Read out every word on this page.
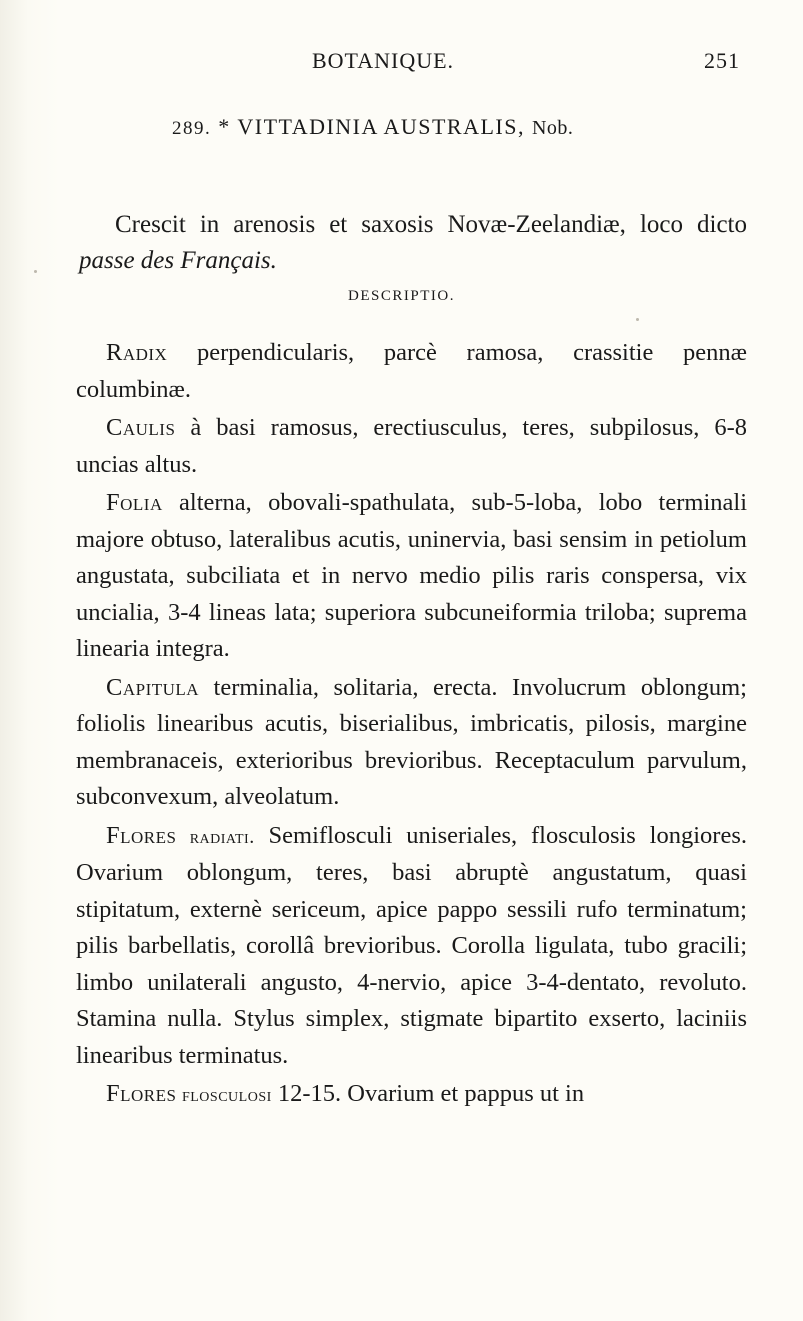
BOTANIQUE.	251
289. * VITTADINIA AUSTRALIS, Nob.

Crescit in arenosis et saxosis Novæ-Zeelandiæ, loco dicto passe des Français.

DESCRIPTIO.

Radix perpendicularis, parcè ramosa, crassitie pennæ columbinæ.

Caulis à basi ramosus, erectiusculus, teres, subpilosus, 6-8 uncias altus.

Folia alterna, obovali-spathulata, sub-5-loba, lobo terminali majore obtuso, lateralibus acutis, uninervia, basi sensim in petiolum angustata, subciliata et in nervo medio pilis raris conspersa, vix uncialia, 3-4 lineas lata; superiora subcuneiformia triloba; suprema linearia integra.

Capitula terminalia, solitaria, erecta. Involucrum oblongum; foliolis linearibus acutis, biserialibus, imbricatis, pilosis, margine membranaceis, exterioribus brevioribus. Receptaculum parvulum, subconvexum, alveolatum.

Flores radiati. Semiflosculi uniseriales, flosculosis longiores. Ovarium oblongum, teres, basi abruptè angustatum, quasi stipitatum, externè sericeum, apice pappo sessili rufo terminatum; pilis barbellatis, corollâ brevioribus. Corolla ligulata, tubo gracili; limbo unilaterali angusto, 4-nervio, apice 3-4-dentato, revoluto. Stamina nulla. Stylus simplex, stigmate bipartito exserto, laciniis linearibus terminatus.

Flores flosculosi 12-15. Ovarium et pappus ut in
